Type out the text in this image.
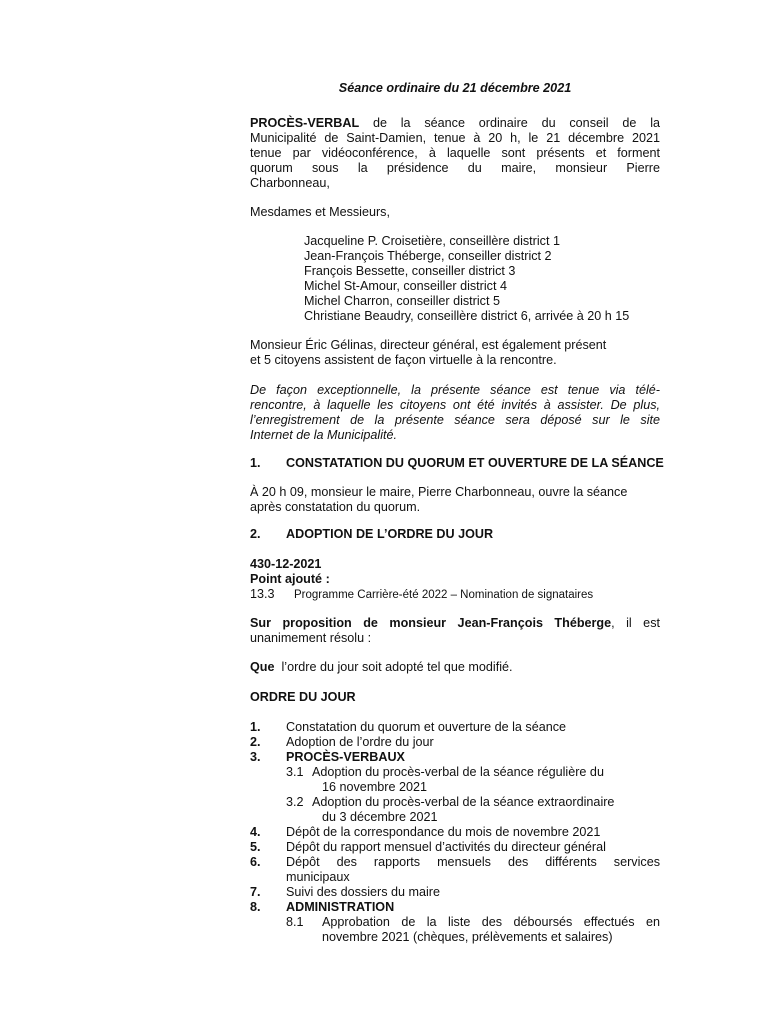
Séance ordinaire du 21 décembre 2021

PROCÈS-VERBAL de la séance ordinaire du conseil de la

Municipalité de Saint-Damien, tenue à 20 h, le 21 décembre 2021

tenue par vidéoconférence, à laquelle sont présents et forment

quorum sous la présidence du maire, monsieur Pierre

Charbonneau,

Mesdames et Messieurs,

Jacqueline P. Croisetière, conseillère district 1

Jean-François Théberge, conseiller district 2

François Bessette, conseiller district 3

Michel St-Amour, conseiller district 4

Michel Charron, conseiller district 5

Christiane Beaudry, conseillère district 6, arrivée à 20 h 15

Monsieur Éric Gélinas, directeur général, est également présent

et 5 citoyens assistent de façon virtuelle à la rencontre.

De façon exceptionnelle, la présente séance est tenue via télé-

rencontre, à laquelle les citoyens ont été invités à assister. De plus,

l’enregistrement de la présente séance sera déposé sur le site

Internet de la Municipalité.

1. CONSTATATION DU QUORUM ET OUVERTURE DE LA SÉANCE

À 20 h 09, monsieur le maire, Pierre Charbonneau, ouvre la séance

après constatation du quorum.

2. ADOPTION DE L’ORDRE DU JOUR

430-12-2021

Point ajouté :

13.3	Programme Carrière-été 2022 – Nomination de signataires

Sur proposition de monsieur Jean-François Théberge, il est

unanimement résolu :

Que l’ordre du jour soit adopté tel que modifié.

ORDRE DU JOUR

1. Constatation du quorum et ouverture de la séance

2. Adoption de l’ordre du jour

3. PROCÈS-VERBAUX

3.1 Adoption du procès-verbal de la séance régulière du

16 novembre 2021

3.2 Adoption du procès-verbal de la séance extraordinaire

du 3 décembre 2021

4. Dépôt de la correspondance du mois de novembre 2021

5. Dépôt du rapport mensuel d’activités du directeur général

6. Dépôt des rapports mensuels des différents services

municipaux

7. Suivi des dossiers du maire

8. ADMINISTRATION

8.1 Approbation de la liste des déboursés effectués en

novembre 2021 (chèques, prélèvements et salaires)
